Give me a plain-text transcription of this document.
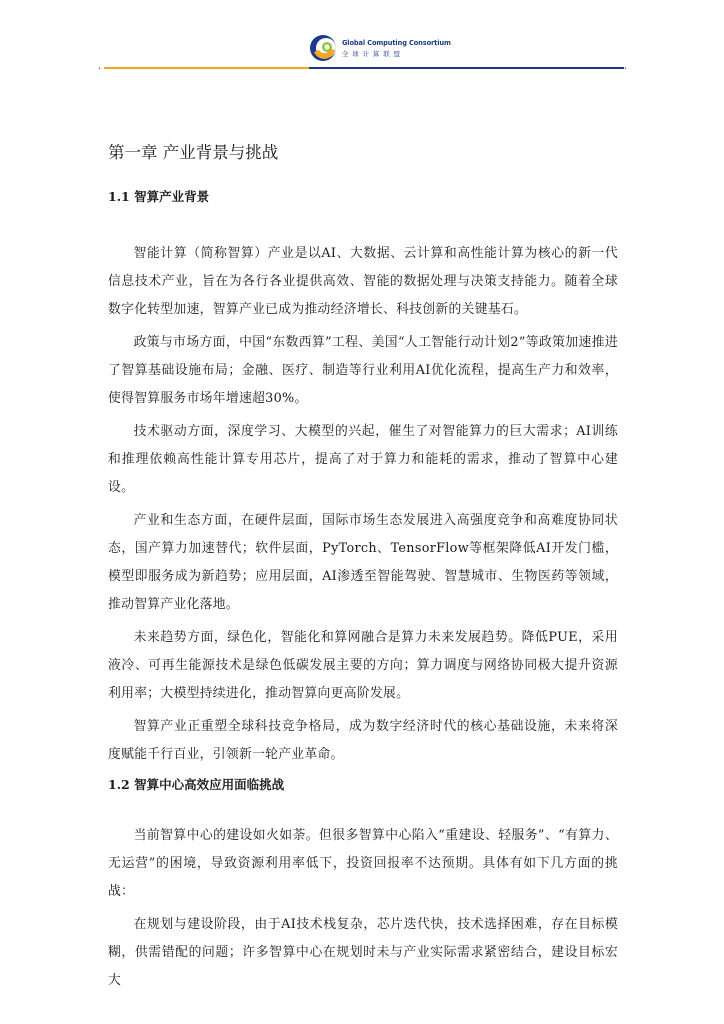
Global Computing Consortium
全球计算联盟
•	•
第一章 产业背景与挑战
1.1 智算产业背景

智能计算（简称智算）产业是以AI、大数据、云计算和高性能计算为核心的新一代信息技术产业，旨在为各行各业提供高效、智能的数据处理与决策支持能力。随着全球数字化转型加速，智算产业已成为推动经济增长、科技创新的关键基石。

政策与市场方面，中国“东数西算”工程、美国“人工智能行动计划2”等政策加速推进了智算基础设施布局；金融、医疗、制造等行业利用AI优化流程，提高生产力和效率，使得智算服务市场年增速超30%。

技术驱动方面，深度学习、大模型的兴起，催生了对智能算力的巨大需求；AI训练和推理依赖高性能计算专用芯片，提高了对于算力和能耗的需求，推动了智算中心建设。

产业和生态方面，在硬件层面，国际市场生态发展进入高强度竞争和高难度协同状态，国产算力加速替代；软件层面，PyTorch、TensorFlow等框架降低AI开发门槛，模型即服务成为新趋势；应用层面，AI渗透至智能驾驶、智慧城市、生物医药等领域，推动智算产业化落地。

未来趋势方面，绿色化，智能化和算网融合是算力未来发展趋势。降低PUE，采用液冷、可再生能源技术是绿色低碳发展主要的方向；算力调度与网络协同极大提升资源利用率；大模型持续进化，推动智算向更高阶发展。

智算产业正重塑全球科技竞争格局，成为数字经济时代的核心基础设施，未来将深度赋能千行百业，引领新一轮产业革命。

1.2 智算中心高效应用面临挑战

当前智算中心的建设如火如荼。但很多智算中心陷入“重建设、轻服务”、“有算力、无运营”的困境，导致资源利用率低下，投资回报率不达预期。具体有如下几方面的挑战：

在规划与建设阶段，由于AI技术栈复杂，芯片迭代快，技术选择困难，存在目标模糊，供需错配的问题；许多智算中心在规划时未与产业实际需求紧密结合，建设目标宏大
